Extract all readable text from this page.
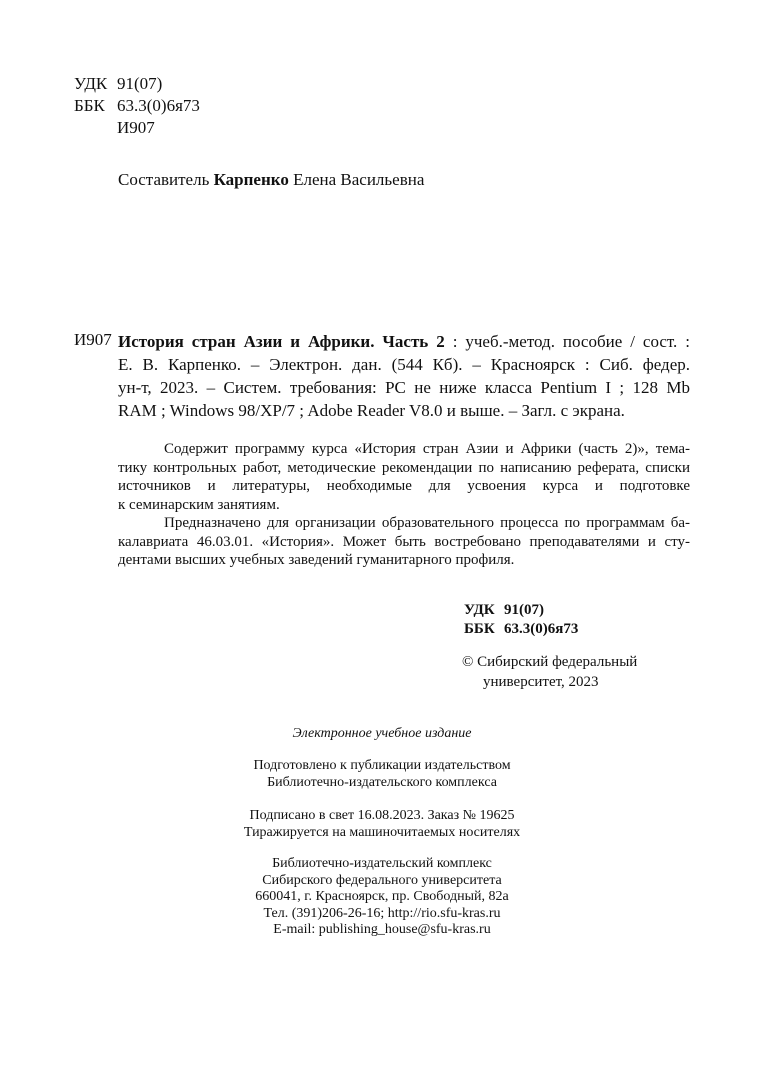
УДК 91(07)
ББК 63.3(0)6я73
И907
Составитель Карпенко Елена Васильевна
И907 История стран Азии и Африки. Часть 2 : учеб.-метод. пособие / сост. :
Е. В. Карпенко. – Электрон. дан. (544 Кб). – Красноярск : Сиб. федер.
ун-т, 2023. – Систем. требования: PC не ниже класса Pentium I ; 128 Mb
RAM ; Windows 98/XP/7 ; Adobe Reader V8.0 и выше. – Загл. с экрана.
Содержит программу курса «История стран Азии и Африки (часть 2)», тема-
тику контрольных работ, методические рекомендации по написанию реферата, списки
источников и литературы, необходимые для усвоения курса и подготовке
к семинарским занятиям.
Предназначено для организации образовательного процесса по программам ба-
калавриата 46.03.01. «История». Может быть востребовано преподавателями и сту-
дентами высших учебных заведений гуманитарного профиля.
УДК 91(07)
ББК 63.3(0)6я73
© Сибирский федеральный
университет, 2023
Электронное учебное издание
Подготовлено к публикации издательством
Библиотечно-издательского комплекса
Подписано в свет 16.08.2023. Заказ № 19625
Тиражируется на машиночитаемых носителях
Библиотечно-издательский комплекс
Сибирского федерального университета
660041, г. Красноярск, пр. Свободный, 82а
Тел. (391)206-26-16; http://rio.sfu-kras.ru
E-mail: publishing_house@sfu-kras.ru
